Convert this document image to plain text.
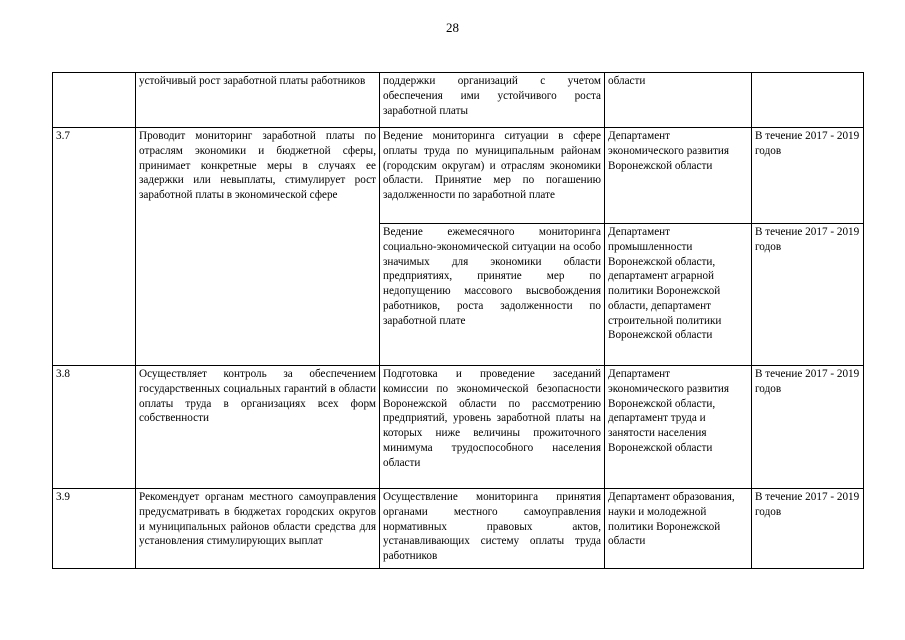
28
	устойчивый рост заработной платы работников	поддержки организаций с учетом обеспечения ими устойчивого роста заработной платы	области	
3.7	Проводит мониторинг заработной платы по отраслям экономики и бюджетной сферы, принимает конкретные меры в случаях ее задержки или невыплаты, стимулирует рост заработной платы в экономической сфере	Ведение мониторинга ситуации в сфере оплаты труда по муниципальным районам (городским округам) и отраслям экономики области. Принятие мер по погашению задолженности по заработной плате	Департамент экономического развития Воронежской области	В течение 2017 - 2019 годов
		Ведение ежемесячного мониторинга социально-экономической ситуации на особо значимых для экономики области предприятиях, принятие мер по недопущению массового высвобождения работников, роста задолженности по заработной плате	Департамент промышленности Воронежской области, департамент аграрной политики Воронежской области, департамент строительной политики Воронежской области	В течение 2017 - 2019 годов
3.8	Осуществляет контроль за обеспечением государственных социальных гарантий в области оплаты труда в организациях всех форм собственности	Подготовка и проведение заседаний комиссии по экономической безопасности Воронежской области по рассмотрению предприятий, уровень заработной платы на которых ниже величины прожиточного минимума трудоспособного населения области	Департамент экономического развития Воронежской области, департамент труда и занятости населения Воронежской области	В течение 2017 - 2019 годов
3.9	Рекомендует органам местного самоуправления предусматривать в бюджетах городских округов и муниципальных районов области средства для установления стимулирующих выплат	Осуществление мониторинга принятия органами местного самоуправления нормативных правовых актов, устанавливающих систему оплаты труда работников	Департамент образования, науки и молодежной политики Воронежской области	В течение 2017 - 2019 годов
